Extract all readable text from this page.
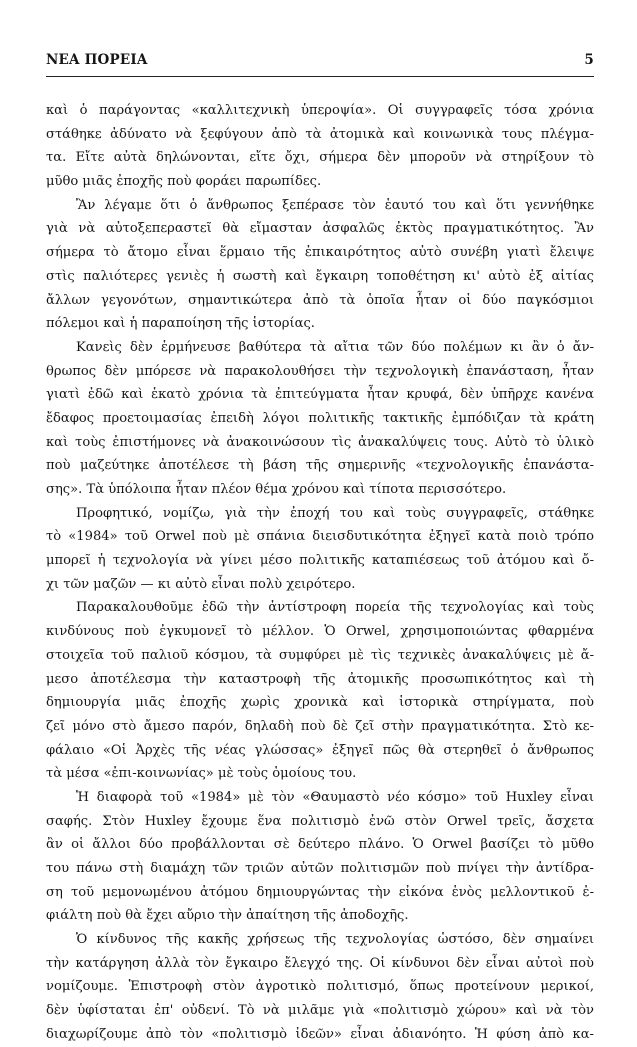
ΝΕΑ ΠΟΡΕΙΑ	5
καὶ ὁ παράγοντας «καλλιτεχνικὴ ὑπεροψία». Οἱ συγγραφεῖς τόσα χρόνια
στάθηκε ἀδύνατο νὰ ξεφύγουν ἀπὸ τὰ ἀτομικὰ καὶ κοινωνικὰ τους πλέγμα-
τα. Εἴτε αὐτὰ δηλώνονται, εἴτε ὄχι, σήμερα δὲν μποροῦν νὰ στηρίξουν τὸ
μῦθο μιᾶς ἐποχῆς ποὺ φοράει παρωπίδες.
Ἂν λέγαμε ὅτι ὁ ἄνθρωπος ξεπέρασε τὸν ἑαυτό του καὶ ὅτι γεννήθηκε
γιὰ νὰ αὐτοξεπεραστεῖ θὰ εἴμασταν ἀσφαλῶς ἐκτὸς πραγματικότητος. Ἂν
σήμερα τὸ ἄτομο εἶναι ἕρμαιο τῆς ἐπικαιρότητος αὐτὸ συνέβη γιατὶ ἔλειψε
στὶς παλιότερες γενιὲς ἡ σωστὴ καὶ ἔγκαιρη τοποθέτηση κι' αὐτὸ ἐξ αἰτίας
ἄλλων γεγονότων, σημαντικώτερα ἀπὸ τὰ ὁποῖα ἦταν οἱ δύο παγκόσμιοι
πόλεμοι καὶ ἡ παραποίηση τῆς ἱστορίας.
Κανεὶς δὲν ἑρμήνευσε βαθύτερα τὰ αἴτια τῶν δύο πολέμων κι ἂν ὁ ἄν-
θρωπος δὲν μπόρεσε νὰ παρακολουθήσει τὴν τεχνολογικὴ ἐπανάσταση, ἦταν
γιατὶ ἐδῶ καὶ ἑκατὸ χρόνια τὰ ἐπιτεύγματα ἦταν κρυφά, δὲν ὑπῆρχε κανένα
ἔδαφος προετοιμασίας ἐπειδὴ λόγοι πολιτικῆς τακτικῆς ἐμπόδιζαν τὰ κράτη
καὶ τοὺς ἐπιστήμονες νὰ ἀνακοινώσουν τὶς ἀνακαλύψεις τους. Αὐτὸ τὸ ὑλικὸ
ποὺ μαζεύτηκε ἀποτέλεσε τὴ βάση τῆς σημερινῆς «τεχνολογικῆς ἐπανάστα-
σης». Τὰ ὑπόλοιπα ἦταν πλέον θέμα χρόνου καὶ τίποτα περισσότερο.
Προφητικό, νομίζω, γιὰ τὴν ἐποχή του καὶ τοὺς συγγραφεῖς, στάθηκε
τὸ «1984» τοῦ Orwel ποὺ μὲ σπάνια διεισδυτικότητα ἐξηγεῖ κατὰ ποιὸ τρόπο
μπορεῖ ἡ τεχνολογία νὰ γίνει μέσο πολιτικῆς καταπιέσεως τοῦ ἀτόμου καὶ ὄ-
χι τῶν μαζῶν — κι αὐτὸ εἶναι πολὺ χειρότερο.
Παρακαλουθοῦμε ἐδῶ τὴν ἀντίστροφη πορεία τῆς τεχνολογίας καὶ τοὺς
κινδύνους ποὺ ἐγκυμονεῖ τὸ μέλλον. Ὁ Orwel, χρησιμοποιώντας φθαρμένα
στοιχεῖα τοῦ παλιοῦ κόσμου, τὰ συμφύρει μὲ τὶς τεχνικὲς ἀνακαλύψεις μὲ ἄ-
μεσο ἀποτέλεσμα τὴν καταστροφὴ τῆς ἀτομικῆς προσωπικότητος καὶ τὴ
δημιουργία μιᾶς ἐποχῆς χωρὶς χρονικὰ καὶ ἱστορικὰ στηρίγματα, ποὺ
ζεῖ μόνο στὸ ἄμεσο παρόν, δηλαδὴ ποὺ δὲ ζεῖ στὴν πραγματικότητα. Στὸ κε-
φάλαιο «Οἱ Ἀρχὲς τῆς νέας γλώσσας» ἐξηγεῖ πῶς θὰ στερηθεῖ ὁ ἄνθρωπος
τὰ μέσα «ἐπι-κοινωνίας» μὲ τοὺς ὁμοίους του.
Ἡ διαφορὰ τοῦ «1984» μὲ τὸν «Θαυμαστὸ νέο κόσμο» τοῦ Huxley εἶναι
σαφής. Στὸν Huxley ἔχουμε ἕνα πολιτισμὸ ἐνῶ στὸν Orwel τρεῖς, ἄσχετα
ἂν οἱ ἄλλοι δύο προβάλλονται σὲ δεύτερο πλάνο. Ὁ Orwel βασίζει τὸ μῦθο
του πάνω στὴ διαμάχη τῶν τριῶν αὐτῶν πολιτισμῶν ποὺ πνίγει τὴν ἀντίδρα-
ση τοῦ μεμονωμένου ἀτόμου δημιουργώντας τὴν εἰκόνα ἑνὸς μελλοντικοῦ ἐ-
φιάλτη ποὺ θὰ ἔχει αὔριο τὴν ἀπαίτηση τῆς ἀποδοχῆς.
Ὁ κίνδυνος τῆς κακῆς χρήσεως τῆς τεχνολογίας ὡστόσο, δὲν σημαίνει
τὴν κατάργηση ἀλλὰ τὸν ἔγκαιρο ἔλεγχό της. Οἱ κίνδυνοι δὲν εἶναι αὐτοὶ ποὺ
νομίζουμε. Ἐπιστροφὴ στὸν ἀγροτικὸ πολιτισμό, ὅπως προτείνουν μερικοί,
δὲν ὑφίσταται ἐπ' οὐδενί. Τὸ νὰ μιλᾶμε γιὰ «πολιτισμὸ χώρου» καὶ νὰ τὸν
διαχωρίζουμε ἀπὸ τὸν «πολιτισμὸ ἰδεῶν» εἶναι ἀδιανόητο. Ἡ φύση ἀπὸ κα-
